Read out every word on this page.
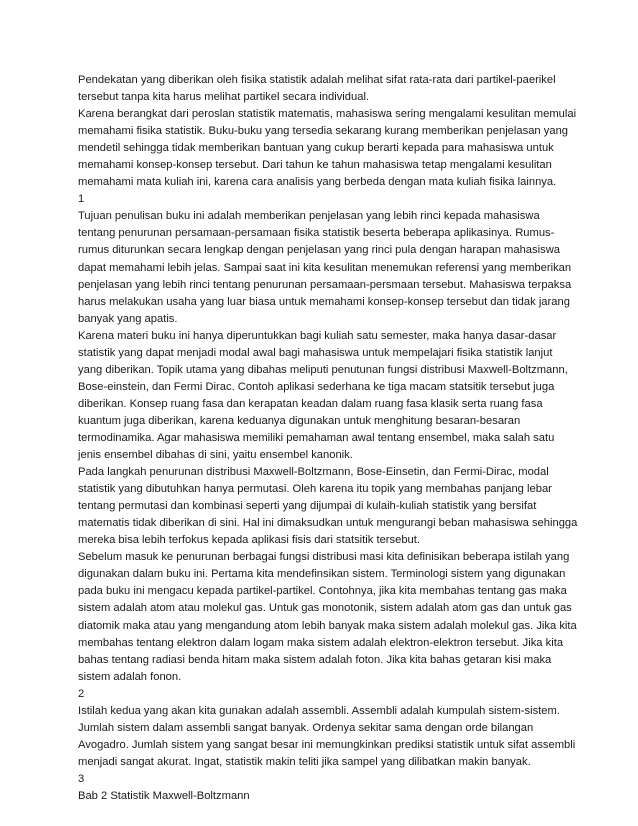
Pendekatan yang diberikan oleh fisika statistik adalah melihat sifat rata-rata dari partikel-paerikel tersebut tanpa kita harus melihat partikel secara individual.

Karena berangkat dari peroslan statistik matematis, mahasiswa sering mengalami kesulitan memulai memahami fisika statistik. Buku-buku yang tersedia sekarang kurang memberikan penjelasan yang mendetil sehingga tidak memberikan bantuan yang cukup berarti kepada para mahasiswa untuk memahami konsep-konsep tersebut. Dari tahun ke tahun mahasiswa tetap mengalami kesulitan memahami mata kuliah ini, karena cara analisis yang berbeda dengan mata kuliah fisika lainnya.

1

Tujuan penulisan buku ini adalah memberikan penjelasan yang lebih rinci kepada mahasiswa tentang penurunan persamaan-persamaan fisika statistik beserta beberapa aplikasinya. Rumus-rumus diturunkan secara lengkap dengan penjelasan yang rinci pula dengan harapan mahasiswa dapat memahami lebih jelas. Sampai saat ini kita kesulitan menemukan referensi yang memberikan penjelasan yang lebih rinci tentang penurunan persamaan-persmaan tersebut. Mahasiswa terpaksa harus melakukan usaha yang luar biasa untuk memahami konsep-konsep tersebut dan tidak jarang banyak yang apatis.

Karena materi buku ini hanya diperuntukkan bagi kuliah satu semester, maka hanya dasar-dasar statistik yang dapat menjadi modal awal bagi mahasiswa untuk mempelajari fisika statistik lanjut yang diberikan. Topik utama yang dibahas meliputi penutunan fungsi distribusi Maxwell-Boltzmann, Bose-einstein, dan Fermi Dirac. Contoh aplikasi sederhana ke tiga macam statsitik tersebut juga diberikan. Konsep ruang fasa dan kerapatan keadan dalam ruang fasa klasik serta ruang fasa kuantum juga diberikan, karena keduanya digunakan untuk menghitung besaran-besaran termodinamika. Agar mahasiswa memiliki pemahaman awal tentang ensembel, maka salah satu jenis ensembel dibahas di sini, yaitu ensembel kanonik.

Pada langkah penurunan distribusi Maxwell-Boltzmann, Bose-Einsetin, dan Fermi-Dirac, modal statistik yang dibutuhkan hanya permutasi. Oleh karena itu topik yang membahas panjang lebar tentang permutasi dan kombinasi seperti yang dijumpai di kulaih-kuliah statistik yang bersifat matematis tidak diberikan di sini. Hal ini dimaksudkan untuk mengurangi beban mahasiswa sehingga mereka bisa lebih terfokus kepada aplikasi fisis dari statsitik tersebut.

Sebelum masuk ke penurunan berbagai fungsi distribusi masi kita definisikan beberapa istilah yang digunakan dalam buku ini. Pertama kita mendefinsikan sistem. Terminologi sistem yang digunakan pada buku ini mengacu kepada partikel-partikel. Contohnya, jika kita membahas tentang gas maka sistem adalah atom atau molekul gas. Untuk gas monotonik, sistem adalah atom gas dan untuk gas diatomik maka atau yang mengandung atom lebih banyak maka sistem adalah molekul gas. Jika kita membahas tentang elektron dalam logam maka sistem adalah elektron-elektron tersebut. Jika kita bahas tentang radiasi benda hitam maka sistem adalah foton. Jika kita bahas getaran kisi maka sistem adalah fonon.

2

Istilah kedua yang akan kita gunakan adalah assembli. Assembli adalah kumpulah sistem-sistem. Jumlah sistem dalam assembli sangat banyak. Ordenya sekitar sama dengan orde bilangan Avogadro. Jumlah sistem yang sangat besar ini memungkinkan prediksi statistik untuk sifat assembli menjadi sangat akurat. Ingat, statistik makin teliti jika sampel yang dilibatkan makin banyak.

3

Bab 2 Statistik Maxwell-Boltzmann
